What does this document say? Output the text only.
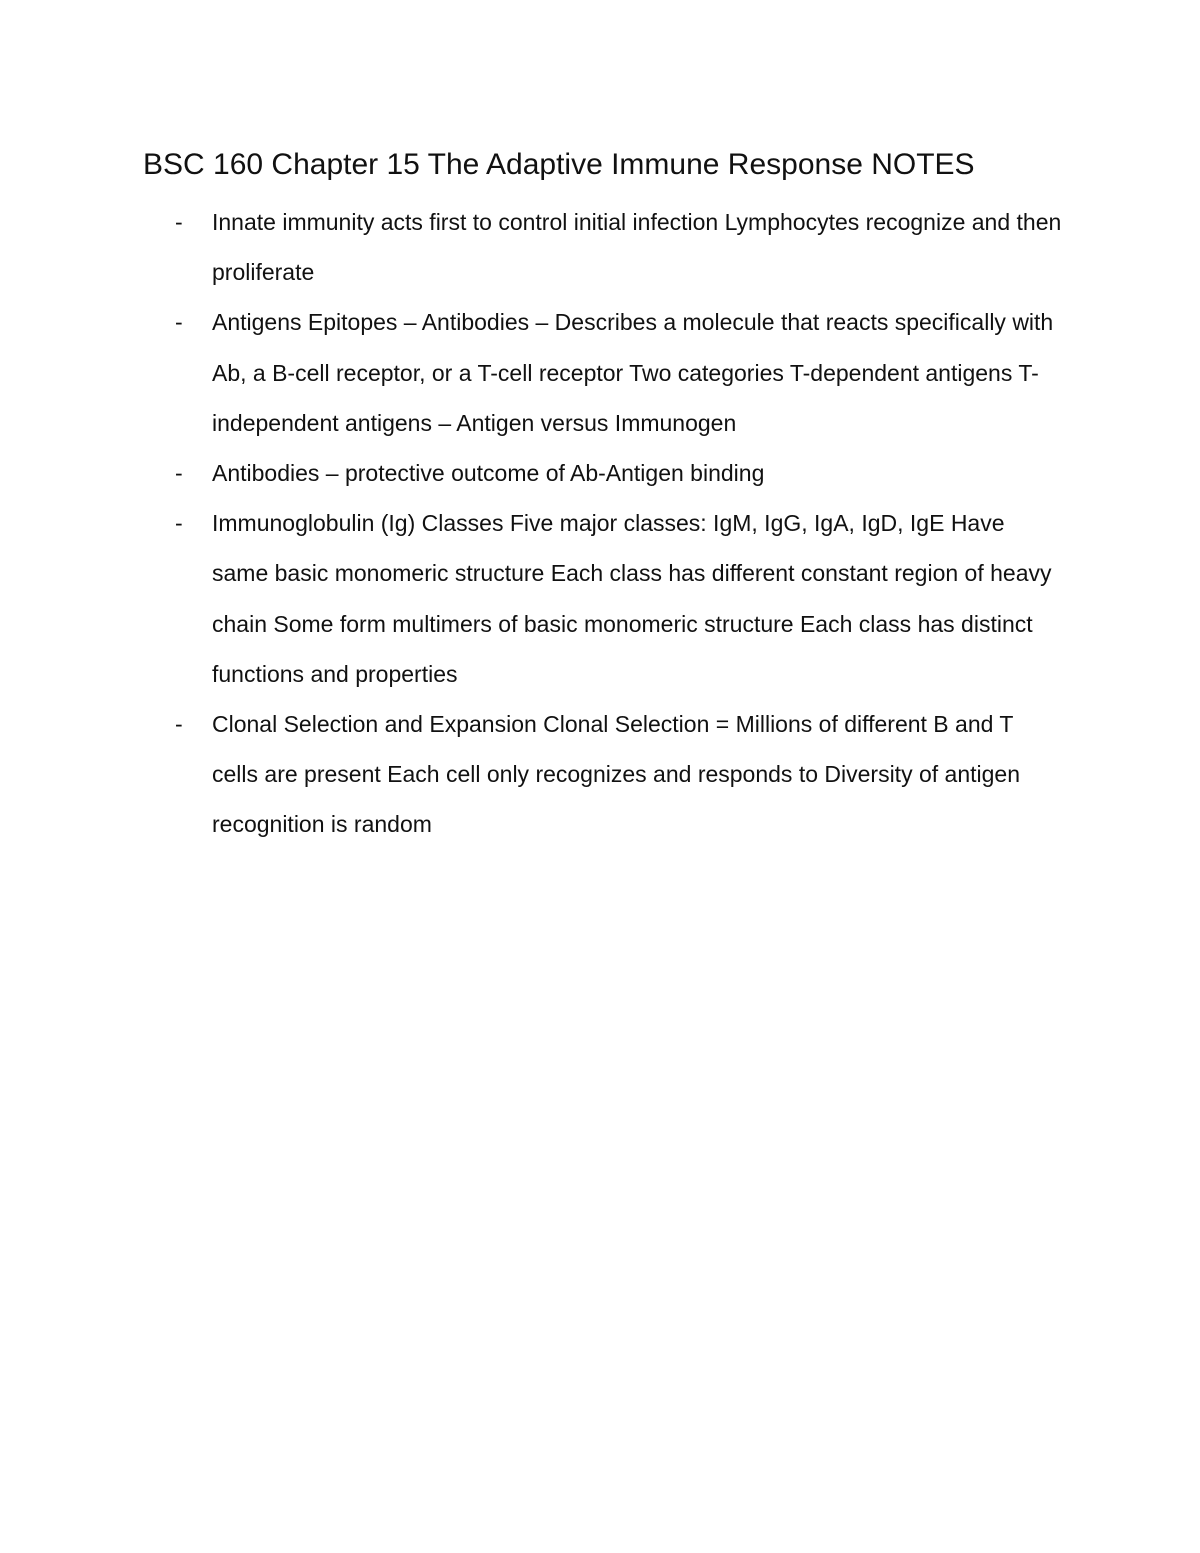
BSC 160 Chapter 15 The Adaptive Immune Response NOTES
-	Innate immunity acts first to control initial infection Lymphocytes recognize and then proliferate
-	Antigens Epitopes – Antibodies – Describes a molecule that reacts specifically with Ab, a B-cell receptor, or a T-cell receptor Two categories T-dependent antigens T-independent antigens – Antigen versus Immunogen
-	Antibodies – protective outcome of Ab-Antigen binding
-	Immunoglobulin (Ig) Classes Five major classes: IgM, IgG, IgA, IgD, IgE Have same basic monomeric structure Each class has different constant region of heavy chain Some form multimers of basic monomeric structure Each class has distinct functions and properties
-	Clonal Selection and Expansion Clonal Selection = Millions of different B and T cells are present Each cell only recognizes and responds to Diversity of antigen recognition is random
